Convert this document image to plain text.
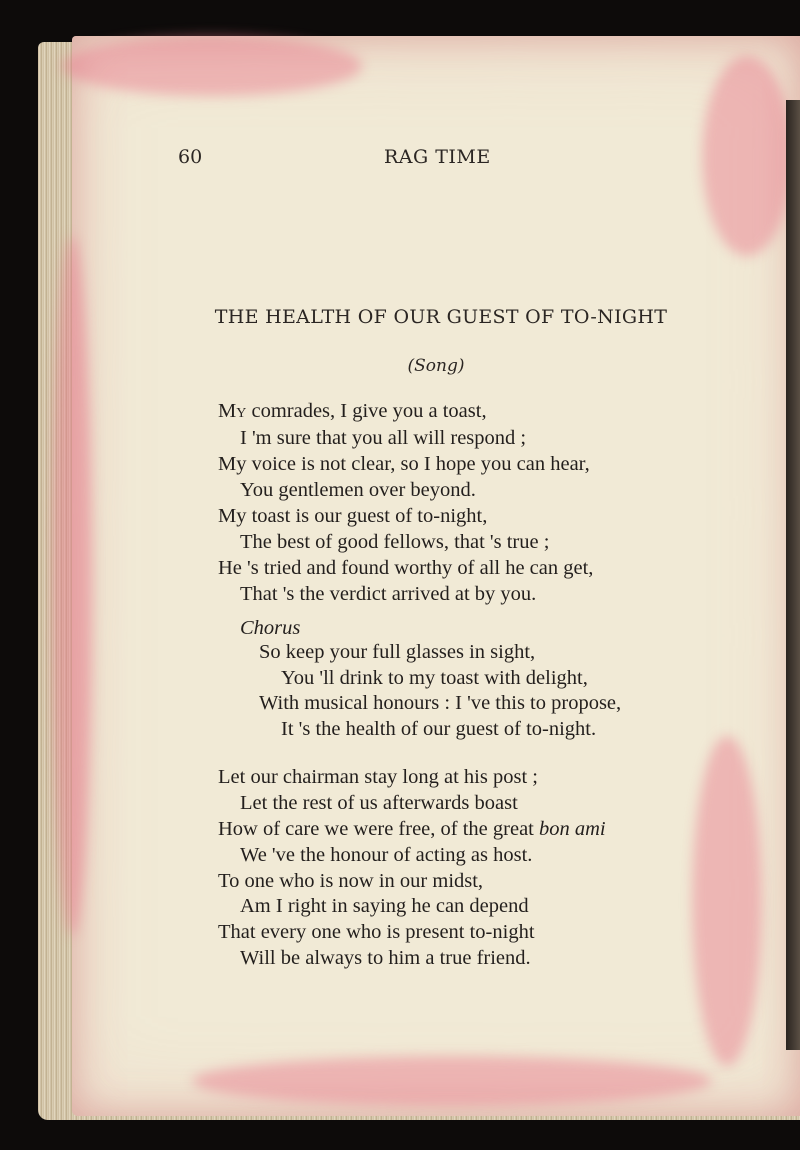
60	RAG TIME
THE HEALTH OF OUR GUEST OF TO-NIGHT
(Song)
My comrades, I give you a toast,
I 'm sure that you all will respond ;
My voice is not clear, so I hope you can hear,
You gentlemen over beyond.
My toast is our guest of to-night,
The best of good fellows, that 's true ;
He 's tried and found worthy of all he can get,
That 's the verdict arrived at by you.
Chorus
So keep your full glasses in sight,
You 'll drink to my toast with delight,
With musical honours : I 've this to propose,
It 's the health of our guest of to-night.
Let our chairman stay long at his post ;
Let the rest of us afterwards boast
How of care we were free, of the great bon ami
We 've the honour of acting as host.
To one who is now in our midst,
Am I right in saying he can depend
That every one who is present to-night
Will be always to him a true friend.
